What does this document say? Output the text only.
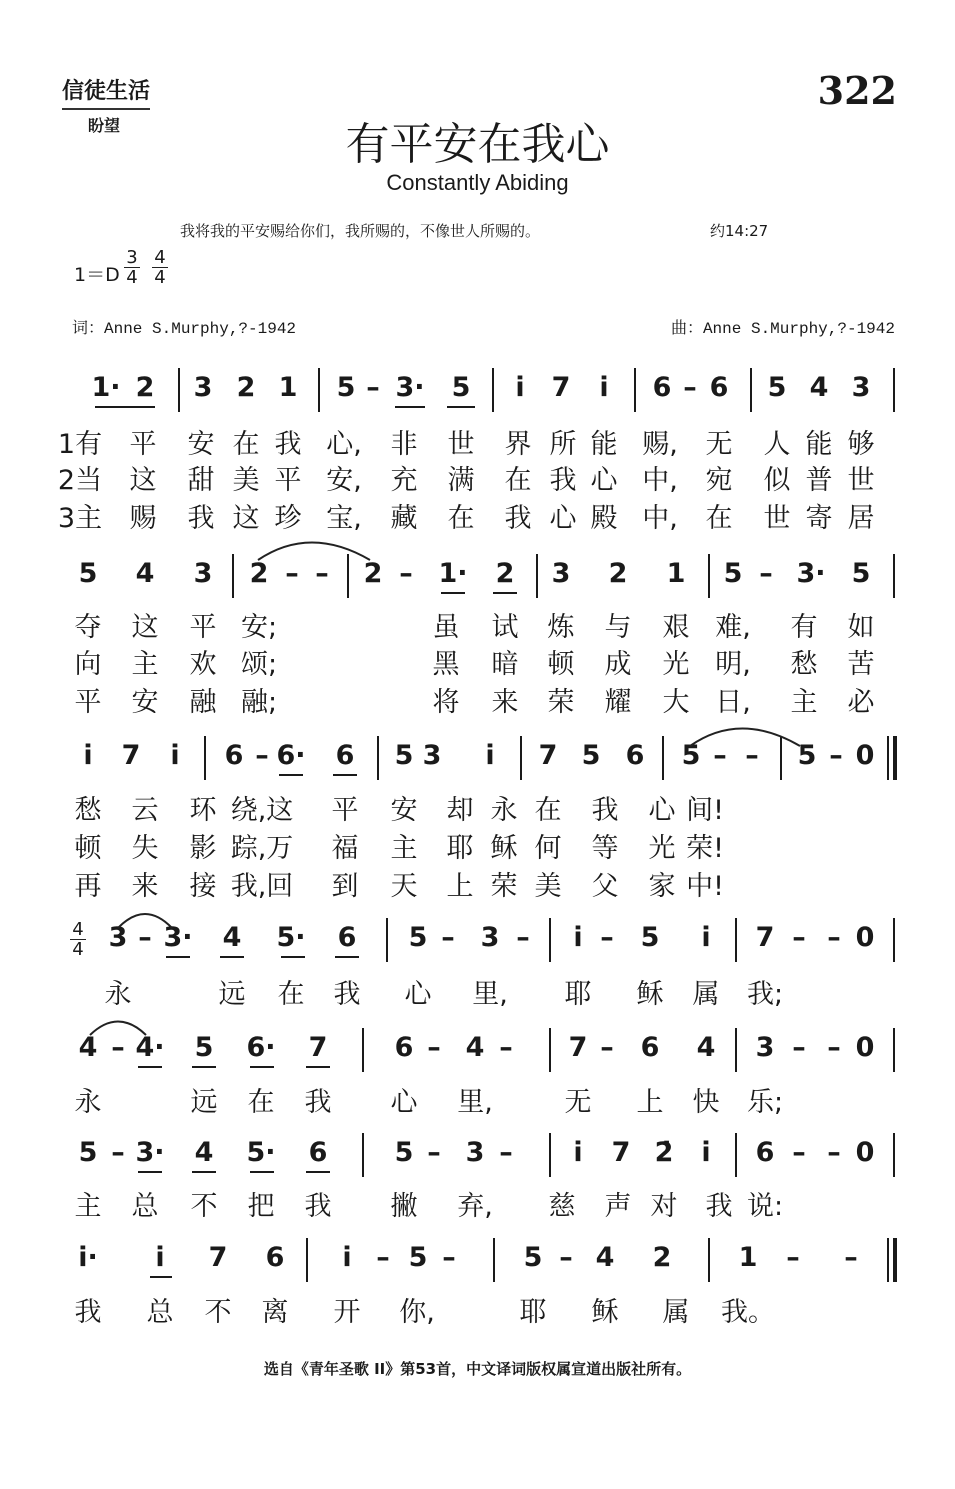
信徒生活
盼望
322
有平安在我心
Constantly Abiding
我将我的平安赐给你们，我所赐的，不像世人所赐的。	约14:27
1＝D
3
4
4
4
词：Anne S.Murphy,?-1942	曲：Anne S.Murphy,?-1942
1· 2 3 2 1 5 – 3· 5 i 7 i 6 – 6 5 4 3
1有 平 安 在 我 心, 非 世 界 所 能 赐, 无 人 能 够
2当 这 甜 美 平 安, 充 满 在 我 心 中, 宛 似 普 世
3主 赐 我 这 珍 宝, 藏 在 我 心 殿 中, 在 世 寄 居
5 4 3 2 – – 2 – 1· 2 3 2 1 5 – 3· 5
夺 这 平 安;	虽 试 炼 与 艰 难, 有 如
向 主 欢 颂;	黑 暗 顿 成 光 明, 愁 苦
平 安 融 融;	将 来 荣 耀 大 日, 主 必
i 7 i 6 – 6· 6 5 3 i 7 5 6 5 – – 5 – 0
愁 云 环 绕,这 平 安 却 永 在 我 心 间!
顿 失 影 踪,万 福 主 耶 稣 何 等 光 荣!
再 来 接 我,回 到 天 上 荣 美 父 家 中!
3 – 3· 4 5· 6 5 – 3 – i – 5 i 7 – – 0
永	远 在 我 心 里, 耶 稣 属 我;
4 – 4· 5 6· 7 6 – 4 – 7 – 6 4 3 – – 0
永	远 在 我 心 里,	无 上 快 乐;
5 – 3· 4 5· 6 5 – 3 – i 7 2̇ i 6 – – 0
主 总 不 把 我 撇 弃, 慈 声 对 我 说:
i· i 7 6 i – 5 –	5 – 4 2 1 – –
我 总 不 离 开 你,	耶 稣 属 我。
4
4
选自《青年圣歌 II》第53首，中文译词版权属宣道出版社所有。
